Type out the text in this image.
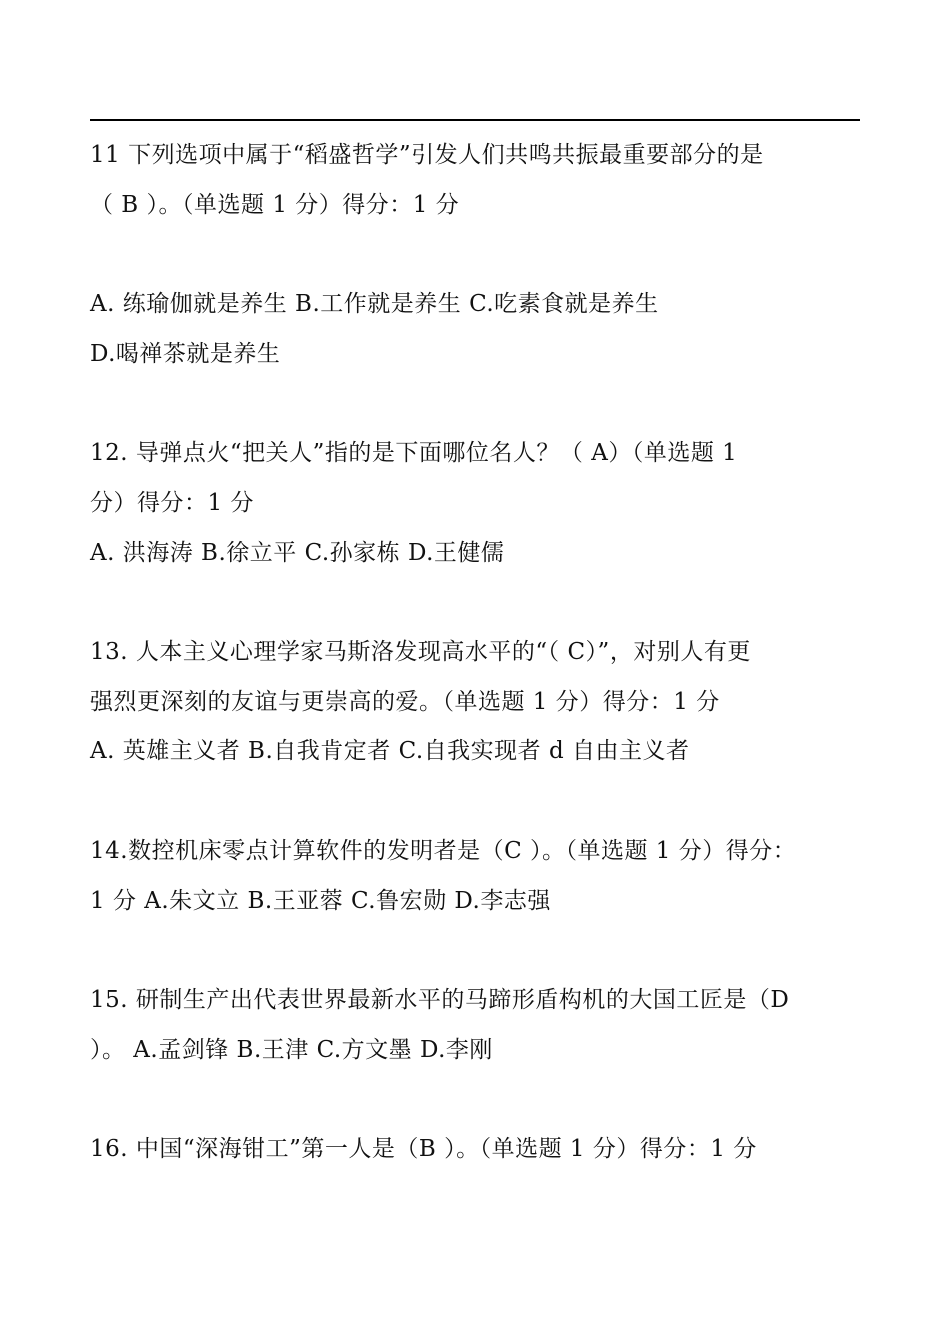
11 下列选项中属于“稻盛哲学”引发人们共鸣共振最重要部分的是
（ B ）。（单选题 1 分）得分：1 分
A. 练瑜伽就是养生 B.工作就是养生 C.吃素食就是养生
D.喝禅茶就是养生
12. 导弹点火“把关人”指的是下面哪位名人？（ A）（单选题 1
分）得分：1 分
A. 洪海涛 B.徐立平 C.孙家栋 D.王健儒
13. 人本主义心理学家马斯洛发现高水平的“（ C）”，对别人有更
强烈更深刻的友谊与更崇高的爱。（单选题 1 分）得分：1 分
A. 英雄主义者 B.自我肯定者 C.自我实现者 d 自由主义者
14.数控机床零点计算软件的发明者是（C ）。（单选题 1 分）得分：
1 分 A.朱文立 B.王亚蓉 C.鲁宏勋 D.李志强
15. 研制生产出代表世界最新水平的马蹄形盾构机的大国工匠是（D
）。 A.孟剑锋 B.王津 C.方文墨 D.李刚
16. 中国“深海钳工”第一人是（B ）。（单选题 1 分）得分：1 分
